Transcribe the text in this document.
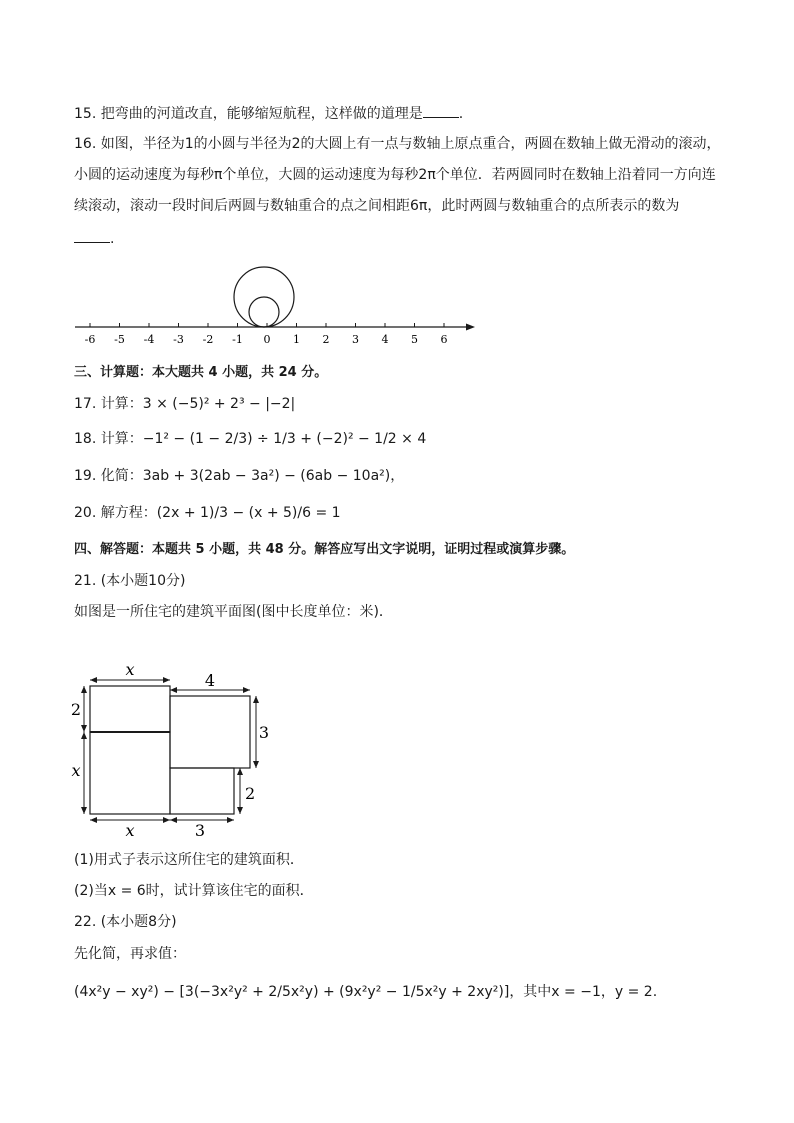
15. 把弯曲的河道改直，能够缩短航程，这样做的道理是	.
16. 如图，半径为1的小圆与半径为2的大圆上有一点与数轴上原点重合，两圆在数轴上做无滑动的滚动，
小圆的运动速度为每秒π个单位，大圆的运动速度为每秒2π个单位．若两圆同时在数轴上沿着同一方向连
续滚动，滚动一段时间后两圆与数轴重合的点之间相距6π，此时两圆与数轴重合的点所表示的数为
.
-6 -5 -4 -3 -2 -1 0 1 2 3 4 5 6
三、计算题：本大题共 4 小题，共 24 分。
17. 计算：3 × (−5)² + 2³ − |−2|
18. 计算：−1² − (1 − 2/3) ÷ 1/3 + (−2)² − 1/2 × 4
19. 化简：3ab + 3(2ab − 3a²) − (6ab − 10a²)，
20. 解方程：(2x + 1)/3 − (x + 5)/6 = 1
四、解答题：本题共 5 小题，共 48 分。解答应写出文字说明，证明过程或演算步骤。
21. (本小题10分)
如图是一所住宅的建筑平面图(图中长度单位：米)．
x
4
2
x
3
2
x	3
(1)用式子表示这所住宅的建筑面积．
(2)当x = 6时，试计算该住宅的面积．
22. (本小题8分)
先化简，再求值：
(4x²y − xy²) − [3(−3x²y² + 2/5x²y) + (9x²y² − 1/5x²y + 2xy²)]，其中x = −1，y = 2.
